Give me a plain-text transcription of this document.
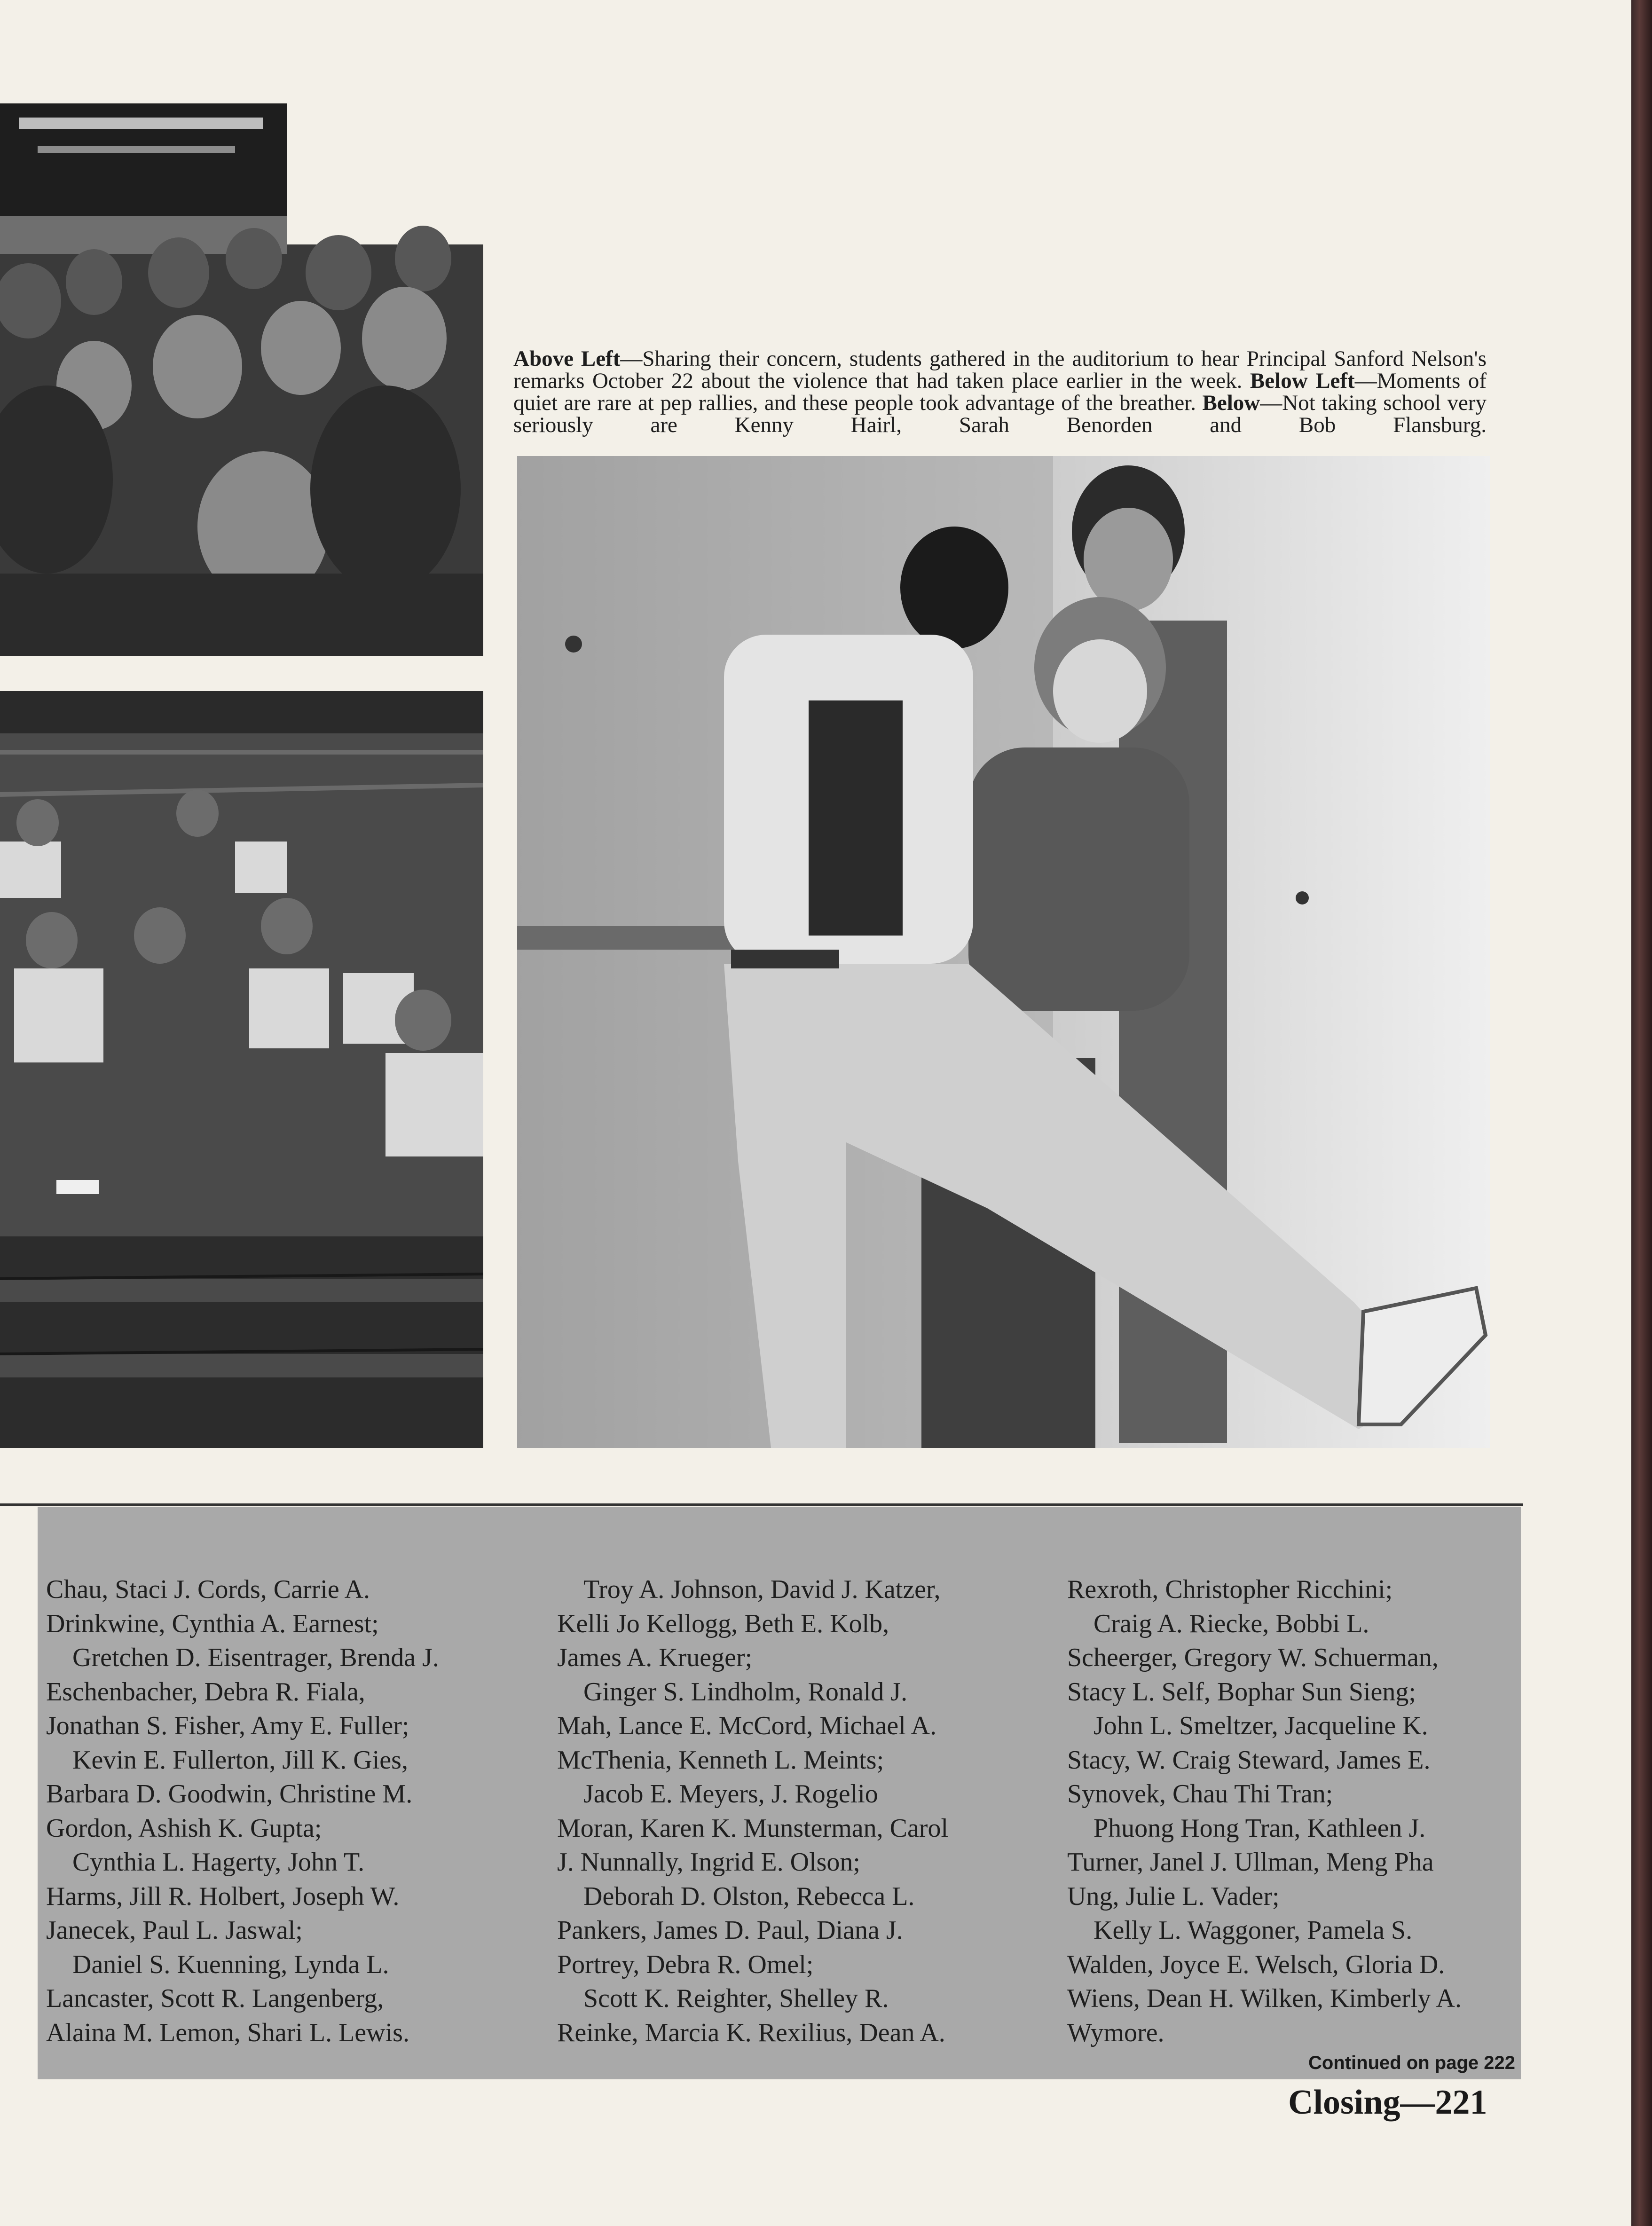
Above Left—Sharing their concern, students gathered in the auditorium to hear Principal Sanford Nelson's remarks October 22 about the violence that had taken place earlier in the week. Below Left—Moments of quiet are rare at pep rallies, and these people took advantage of the breather. Below—Not taking school very seriously are Kenny Hairl, Sarah Benorden and Bob Flansburg.

Chau, Staci J. Cords, Carrie A.
Drinkwine, Cynthia A. Earnest;
Gretchen D. Eisentrager, Brenda J.
Eschenbacher, Debra R. Fiala,
Jonathan S. Fisher, Amy E. Fuller;
Kevin E. Fullerton, Jill K. Gies,
Barbara D. Goodwin, Christine M.
Gordon, Ashish K. Gupta;
Cynthia L. Hagerty, John T.
Harms, Jill R. Holbert, Joseph W.
Janecek, Paul L. Jaswal;
Daniel S. Kuenning, Lynda L.
Lancaster, Scott R. Langenberg,
Alaina M. Lemon, Shari L. Lewis.
Troy A. Johnson, David J. Katzer,
Kelli Jo Kellogg, Beth E. Kolb,
James A. Krueger;
Ginger S. Lindholm, Ronald J.
Mah, Lance E. McCord, Michael A.
McThenia, Kenneth L. Meints;
Jacob E. Meyers, J. Rogelio
Moran, Karen K. Munsterman, Carol
J. Nunnally, Ingrid E. Olson;
Deborah D. Olston, Rebecca L.
Pankers, James D. Paul, Diana J.
Portrey, Debra R. Omel;
Scott K. Reighter, Shelley R.
Reinke, Marcia K. Rexilius, Dean A.
Rexroth, Christopher Ricchini;
Craig A. Riecke, Bobbi L.
Scheerger, Gregory W. Schuerman,
Stacy L. Self, Bophar Sun Sieng;
John L. Smeltzer, Jacqueline K.
Stacy, W. Craig Steward, James E.
Synovek, Chau Thi Tran;
Phuong Hong Tran, Kathleen J.
Turner, Janel J. Ullman, Meng Pha
Ung, Julie L. Vader;
Kelly L. Waggoner, Pamela S.
Walden, Joyce E. Welsch, Gloria D.
Wiens, Dean H. Wilken, Kimberly A.
Wymore.
Continued on page 222
Closing—221
